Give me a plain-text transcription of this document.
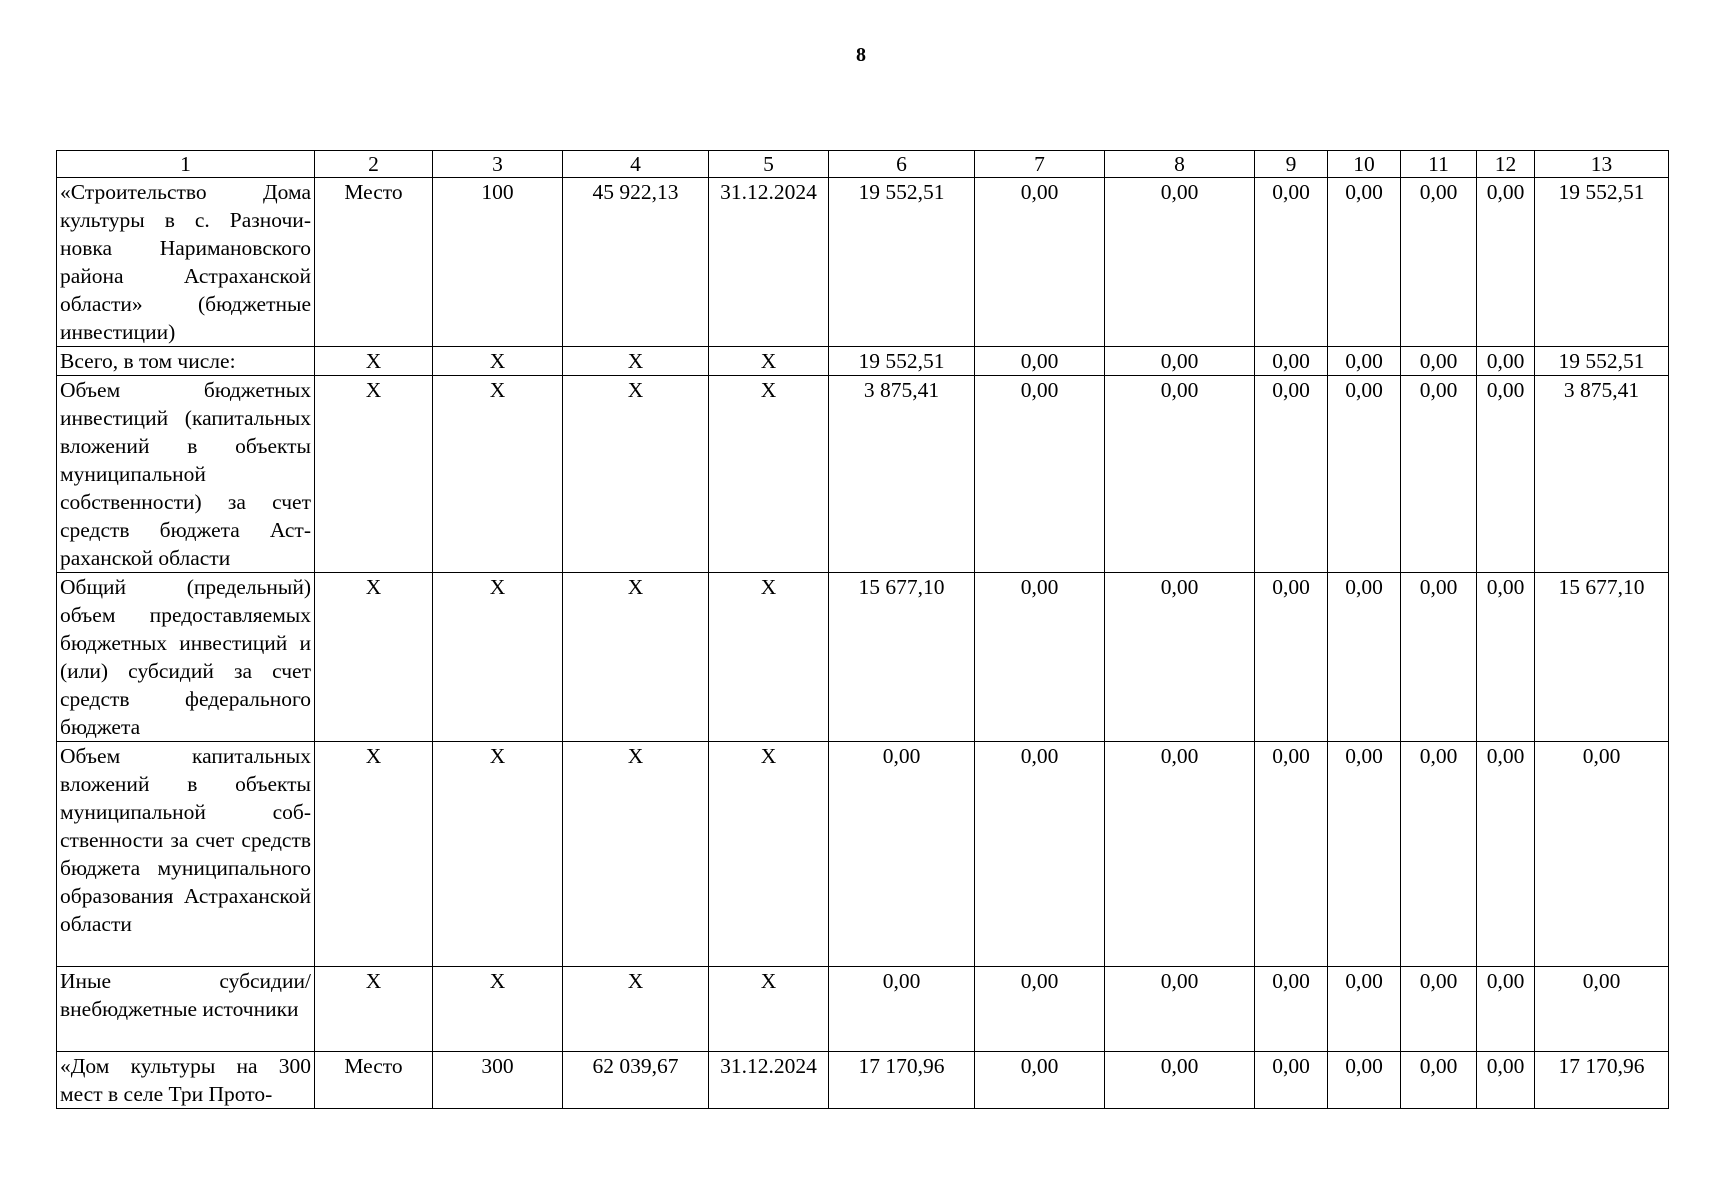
8
1	2	3	4	5	6	7	8	9	10	11	12	13
«Строительство Дома культуры в с. Разночиновка Наримановского района Астраханской области» (бюджетные инвестиции)	Место	100	45 922,13	31.12.2024	19 552,51	0,00	0,00	0,00	0,00	0,00	0,00	19 552,51
Всего, в том числе:	X	X	X	X	19 552,51	0,00	0,00	0,00	0,00	0,00	0,00	19 552,51
Объем бюджетных инвестиций (капитальных вложений в объекты муниципальной собственности) за счет средств бюджета Астраханской области	X	X	X	X	3 875,41	0,00	0,00	0,00	0,00	0,00	0,00	3 875,41
Общий (предельный) объем предоставляемых бюджетных инвестиций и (или) субсидий за счет средств федерального бюджета	X	X	X	X	15 677,10	0,00	0,00	0,00	0,00	0,00	0,00	15 677,10
Объем капитальных вложений в объекты муниципальной собственности за счет средств бюджета муниципального образования Астраханской области	X	X	X	X	0,00	0,00	0,00	0,00	0,00	0,00	0,00	0,00
Иные субсидии/внебюджетные источники	X	X	X	X	0,00	0,00	0,00	0,00	0,00	0,00	0,00	0,00
«Дом культуры на 300 мест в селе Три Прото-	Место	300	62 039,67	31.12.2024	17 170,96	0,00	0,00	0,00	0,00	0,00	0,00	17 170,96
